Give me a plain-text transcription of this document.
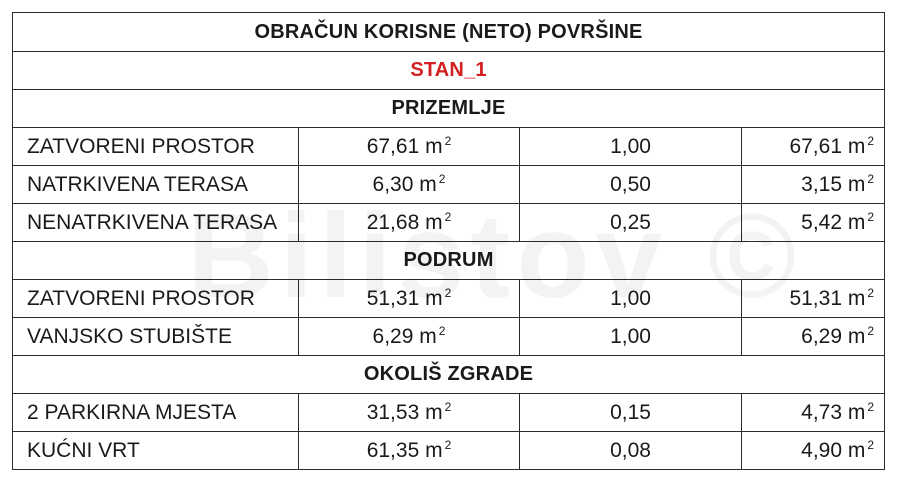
OBRAČUN KORISNE (NETO) POVRŠINE			
STAN_1			
PRIZEMLJE			
ZATVORENI PROSTOR	67,61 m $^2$	1,00	67,61 m $^2$
NATRKIVENA TERASA	6,30 m $^2$	0,50	3,15 m $^2$
NENATRKIVENA TERASA	21,68 m $^2$	0,25	5,42 m $^2$
PODRUM			
ZATVORENI PROSTOR	51,31 m $^2$	1,00	51,31 m $^2$
VANJSKO STUBIŠTE	6,29 m $^2$	1,00	6,29 m $^2$
OKOLIŠ ZGRADE			
2 PARKIRNA MJESTA	31,53 m $^2$	0,15	4,73 m $^2$
KUĆNI VRT	61,35 m $^2$	0,08	4,90 m $^2$
